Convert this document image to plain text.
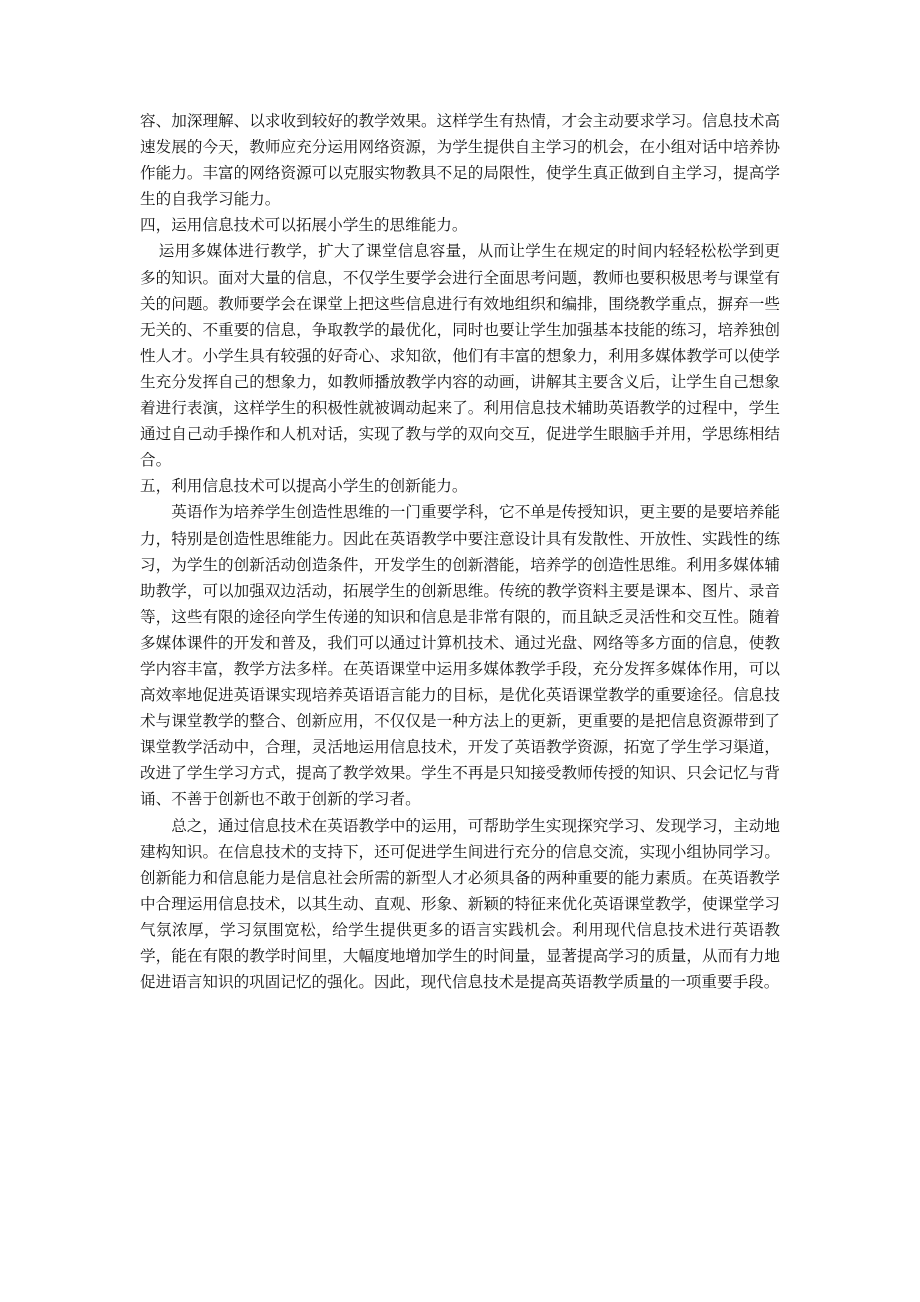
容、加深理解、以求收到较好的教学效果。这样学生有热情，才会主动要求学习。信息技术高速发展的今天，教师应充分运用网络资源，为学生提供自主学习的机会，在小组对话中培养协作能力。丰富的网络资源可以克服实物教具不足的局限性，使学生真正做到自主学习，提高学生的自我学习能力。

四，运用信息技术可以拓展小学生的思维能力。

运用多媒体进行教学，扩大了课堂信息容量，从而让学生在规定的时间内轻轻松松学到更多的知识。面对大量的信息，不仅学生要学会进行全面思考问题，教师也要积极思考与课堂有关的问题。教师要学会在课堂上把这些信息进行有效地组织和编排，围绕教学重点，摒弃一些无关的、不重要的信息，争取教学的最优化，同时也要让学生加强基本技能的练习，培养独创性人才。小学生具有较强的好奇心、求知欲，他们有丰富的想象力，利用多媒体教学可以使学生充分发挥自己的想象力，如教师播放教学内容的动画，讲解其主要含义后，让学生自己想象着进行表演，这样学生的积极性就被调动起来了。利用信息技术辅助英语教学的过程中，学生通过自己动手操作和人机对话，实现了教与学的双向交互，促进学生眼脑手并用，学思练相结合。

五，利用信息技术可以提高小学生的创新能力。

英语作为培养学生创造性思维的一门重要学科，它不单是传授知识，更主要的是要培养能力，特别是创造性思维能力。因此在英语教学中要注意设计具有发散性、开放性、实践性的练习，为学生的创新活动创造条件，开发学生的创新潜能，培养学的创造性思维。利用多媒体辅助教学，可以加强双边活动，拓展学生的创新思维。传统的教学资料主要是课本、图片、录音等，这些有限的途径向学生传递的知识和信息是非常有限的，而且缺乏灵活性和交互性。随着多媒体课件的开发和普及，我们可以通过计算机技术、通过光盘、网络等多方面的信息，使教学内容丰富，教学方法多样。在英语课堂中运用多媒体教学手段，充分发挥多媒体作用，可以高效率地促进英语课实现培养英语语言能力的目标，是优化英语课堂教学的重要途径。信息技术与课堂教学的整合、创新应用，不仅仅是一种方法上的更新，更重要的是把信息资源带到了课堂教学活动中，合理，灵活地运用信息技术，开发了英语教学资源，拓宽了学生学习渠道，改进了学生学习方式，提高了教学效果。学生不再是只知接受教师传授的知识、只会记忆与背诵、不善于创新也不敢于创新的学习者。

总之，通过信息技术在英语教学中的运用，可帮助学生实现探究学习、发现学习，主动地建构知识。在信息技术的支持下，还可促进学生间进行充分的信息交流，实现小组协同学习。创新能力和信息能力是信息社会所需的新型人才必须具备的两种重要的能力素质。在英语教学中合理运用信息技术，以其生动、直观、形象、新颖的特征来优化英语课堂教学，使课堂学习气氛浓厚，学习氛围宽松，给学生提供更多的语言实践机会。利用现代信息技术进行英语教学，能在有限的教学时间里，大幅度地增加学生的时间量，显著提高学习的质量，从而有力地促进语言知识的巩固记忆的强化。因此，现代信息技术是提高英语教学质量的一项重要手段。
